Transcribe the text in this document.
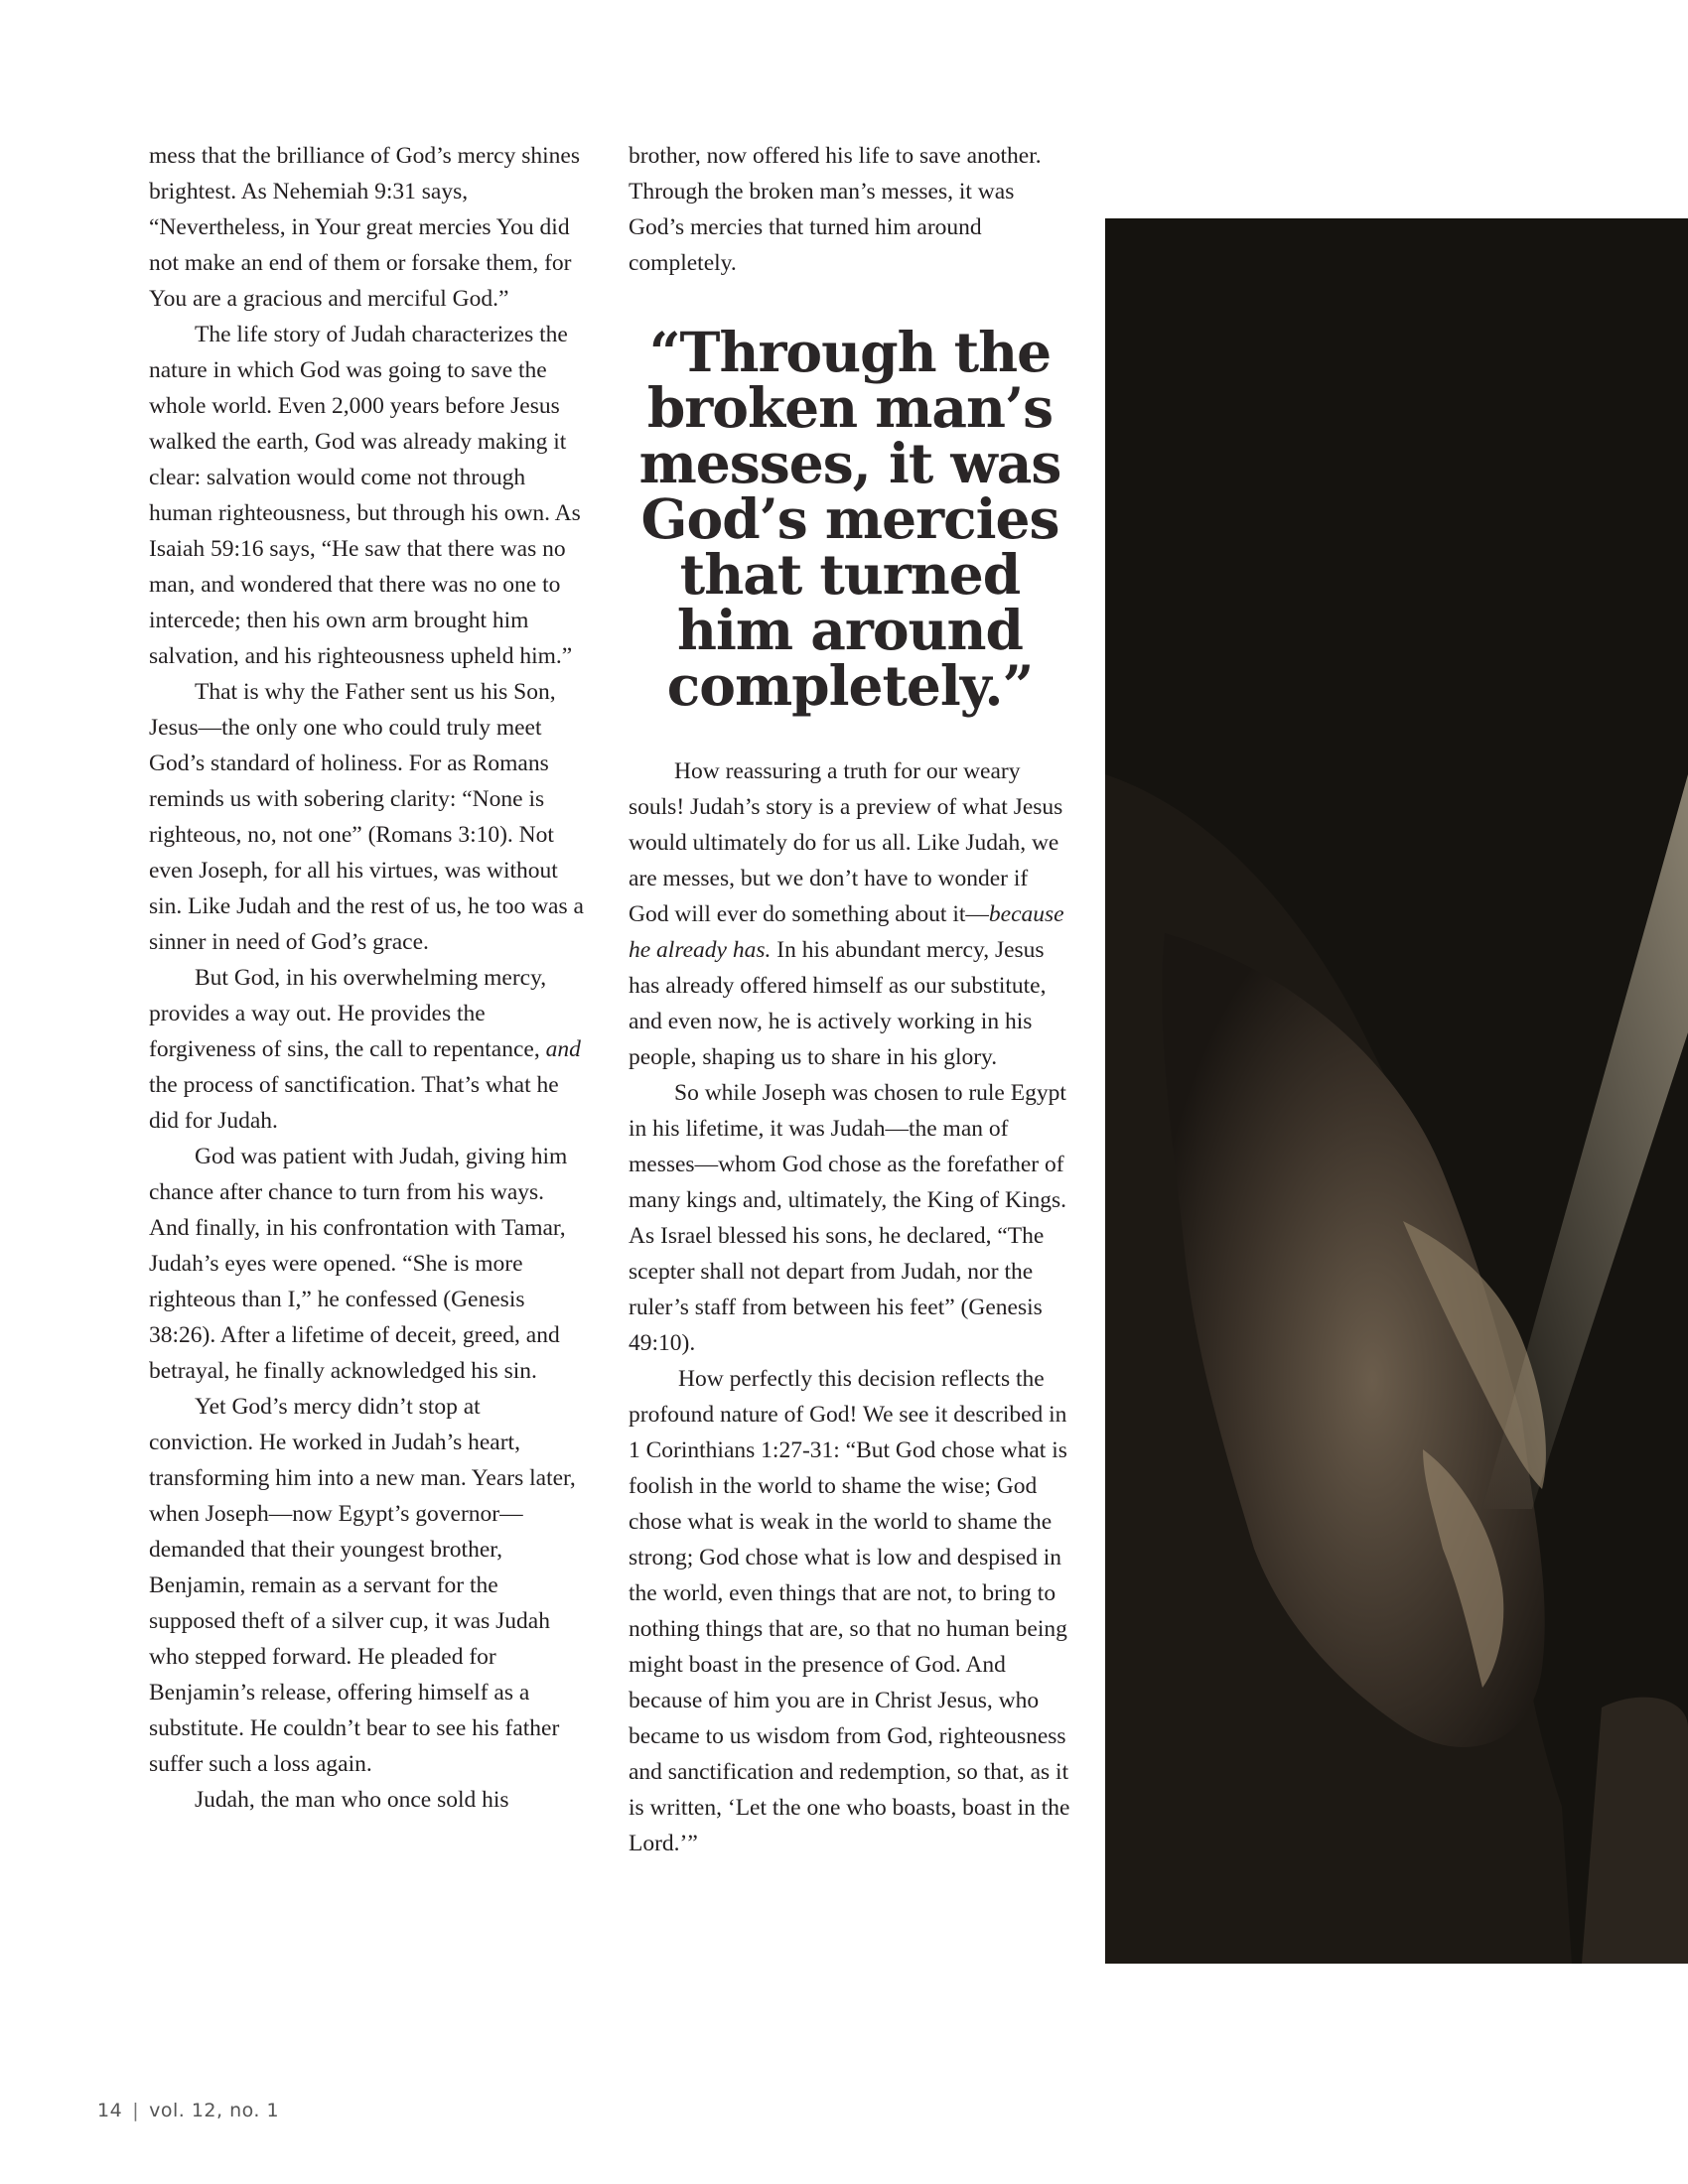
mess that the brilliance of God’s mercy shines brightest. As Nehemiah 9:31 says, “Nevertheless, in Your great mercies You did not make an end of them or forsake them, for You are a gracious and merciful God.”

The life story of Judah characterizes the nature in which God was going to save the whole world. Even 2,000 years before Jesus walked the earth, God was already making it clear: salvation would come not through human righteousness, but through his own. As Isaiah 59:16 says, “He saw that there was no man, and wondered that there was no one to intercede; then his own arm brought him salvation, and his righteousness upheld him.”

That is why the Father sent us his Son, Jesus—the only one who could truly meet God’s standard of holiness. For as Romans reminds us with sobering clarity: “None is righteous, no, not one” (Romans 3:10). Not even Joseph, for all his virtues, was without sin. Like Judah and the rest of us, he too was a sinner in need of God’s grace.

But God, in his overwhelming mercy, provides a way out. He provides the forgiveness of sins, the call to repentance, and the process of sanctification. That’s what he did for Judah.

God was patient with Judah, giving him chance after chance to turn from his ways. And finally, in his confrontation with Tamar, Judah’s eyes were opened. “She is more righteous than I,” he confessed (Genesis 38:26). After a lifetime of deceit, greed, and betrayal, he finally acknowledged his sin.

Yet God’s mercy didn’t stop at conviction. He worked in Judah’s heart, transforming him into a new man. Years later, when Joseph—now Egypt’s governor—demanded that their youngest brother, Benjamin, remain as a servant for the supposed theft of a silver cup, it was Judah who stepped forward. He pleaded for Benjamin’s release, offering himself as a substitute. He couldn’t bear to see his father suffer such a loss again.

Judah, the man who once sold his

brother, now offered his life to save another. Through the broken man’s messes, it was God’s mercies that turned him around completely.

“Through the
broken man’s
messes, it was
God’s mercies
that turned
him around
completely.”

How reassuring a truth for our weary souls! Judah’s story is a preview of what Jesus would ultimately do for us all. Like Judah, we are messes, but we don’t have to wonder if God will ever do something about it—because he already has. In his abundant mercy, Jesus has already offered himself as our substitute, and even now, he is actively working in his people, shaping us to share in his glory.

So while Joseph was chosen to rule Egypt in his lifetime, it was Judah—the man of messes—whom God chose as the forefather of many kings and, ultimately, the King of Kings. As Israel blessed his sons, he declared, “The scepter shall not depart from Judah, nor the ruler’s staff from between his feet” (Genesis 49:10).

How perfectly this decision reflects the profound nature of God! We see it described in 1 Corinthians 1:27-31: “But God chose what is foolish in the world to shame the wise; God chose what is weak in the world to shame the strong; God chose what is low and despised in the world, even things that are not, to bring to nothing things that are, so that no human being might boast in the presence of God. And because of him you are in Christ Jesus, who became to us wisdom from God, righteousness and sanctification and redemption, so that, as it is written, ‘Let the one who boasts, boast in the Lord.’”

14 | vol. 12, no. 1
